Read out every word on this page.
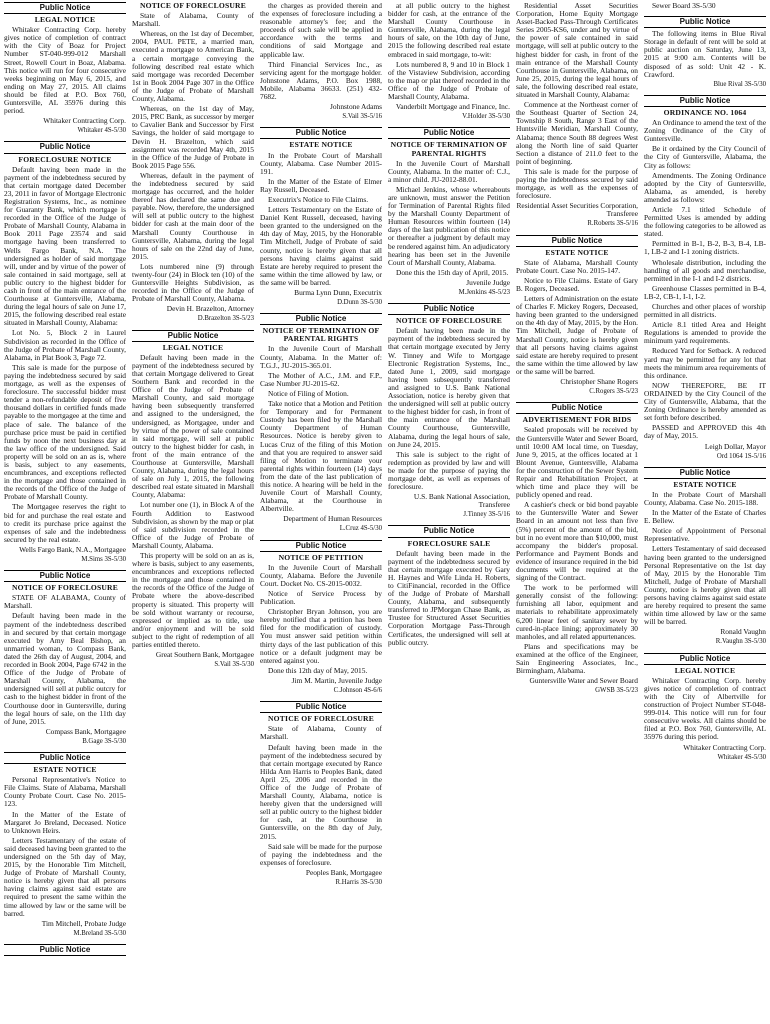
Public Notice
LEGAL NOTICE
Whitaker Contracting Corp. hereby gives notice of completion of contract with the City of Boaz for Project Number ST-040-999-012 Marshall Street, Rowell Court in Boaz, Alabama. This notice will run for four consecutive weeks beginning on May 6, 2015, and ending on May 27, 2015. All claims should be filed at P.O. Box 760, Guntersville, AL 35976 during this period.
Whitaker Contracting Corp.
Whitaker 4S-5/30
Public Notice
FORECLOSURE NOTICE
Default having been made in the payment of the indebtedness secured by that certain mortgage dated December 23, 2011 in favor of Mortgage Electronic Registration Systems, Inc., as nominee for Guaranty Bank, which mortgage is recorded in the Office of the Judge of Probate of Marshall County, Alabama in Book 2011 Page 23574 and said mortgage having been transferred to Wells Fargo Bank, N.A. The undersigned as holder of said mortgage will, under and by virtue of the power of sale contained in said mortgage, sell at public outcry to the highest bidder for cash in front of the main entrance of the Courthouse at Guntersville, Alabama, during the legal hours of sale on June 17, 2015, the following described real estate situated in Marshall County, Alabama:
Lot No. 5, Block 2 in Laurel Subdivision as recorded in the Office of the Judge of Probate of Marshall County, Alabama, in Plat Book 3, Page 72.
This sale is made for the purpose of paying the indebtedness secured by said mortgage, as well as the expenses of foreclosure. The successful bidder must tender a non-refundable deposit of five thousand dollars in certified funds made payable to the mortgagee at the time and place of sale. The balance of the purchase price must be paid in certified funds by noon the next business day at the law office of the undersigned. Said property will be sold on an as is, where is basis, subject to any easements, encumbrances, and exceptions reflected in the mortgage and those contained in the records of the Office of the Judge of Probate of Marshall County.
The Mortgagee reserves the right to bid for and purchase the real estate and to credit its purchase price against the expenses of sale and the indebtedness secured by the real estate.
Wells Fargo Bank, N.A., Mortgagee
M.Sims 3S-5/30
Public Notice
NOTICE OF FORECLOSURE
STATE OF ALABAMA, County of Marshall.
Default having been made in the payment of the indebtedness described in and secured by that certain mortgage executed by Amy Beal Bishop, an unmarried woman, to Compass Bank, dated the 26th day of August, 2004, and recorded in Book 2004, Page 6742 in the Office of the Judge of Probate of Marshall County, Alabama, the undersigned will sell at public outcry for cash to the highest bidder in front of the Courthouse door in Guntersville, during the legal hours of sale, on the 11th day of June, 2015.
Compass Bank, Mortgagee
B.Gage 3S-5/30
Public Notice
ESTATE NOTICE
Personal Representative's Notice to File Claims. State of Alabama, Marshall County Probate Court. Case No. 2015-123.
In the Matter of the Estate of Margaret Jo Breland, Deceased. Notice to Unknown Heirs.
Letters Testamentary of the estate of said deceased having been granted to the undersigned on the 5th day of May, 2015, by the Honorable Tim Mitchell, Judge of Probate of Marshall County, notice is hereby given that all persons having claims against said estate are required to present the same within the time allowed by law or the same will be barred.
Tim Mitchell, Probate Judge
M.Breland 3S-5/30
Public Notice
NOTICE OF FORECLOSURE
State of Alabama, County of Marshall.
Whereas, on the 1st day of December, 2004, PAUL PETE, a married man, executed a mortgage to American Bank, a certain mortgage conveying the following described real estate which said mortgage was recorded December 1st in Book 2004 Page 307 in the Office of the Judge of Probate of Marshall County, Alabama.
Whereas, on the 1st day of May, 2015, PRC Bank, as successor by merger to Cavalier Bank and Successor by First Savings, the holder of said mortgage to Devin H. Brazelton, which said assignment was recorded May 4th, 2015 in the Office of the Judge of Probate in Book 2015 Page 556.
Whereas, default in the payment of the indebtedness secured by said mortgage has occurred, and the holder thereof has declared the same due and payable. Now, therefore, the undersigned will sell at public outcry to the highest bidder for cash at the main door of the Marshall County Courthouse in Guntersville, Alabama, during the legal hours of sale on the 22nd day of June, 2015.
Lots numbered nine (9) through twenty-four (24) in Block ten (10) of the Guntersville Heights Subdivision, as recorded in the Office of the Judge of Probate of Marshall County, Alabama.
Devin H. Brazelton, Attorney
D.Brazelton 3S-5/23
Public Notice
LEGAL NOTICE
Default having been made in the payment of the indebtedness secured by that certain Mortgage delivered to Great Southern Bank and recorded in the Office of the Judge of Probate of Marshall County, and said mortgage having been subsequently transferred and assigned to the undersigned, the undersigned, as Mortgagee, under and by virtue of the power of sale contained in said mortgage, will sell at public outcry to the highest bidder for cash, in front of the main entrance of the Courthouse at Guntersville, Marshall County, Alabama, during the legal hours of sale on July 1, 2015, the following described real estate situated in Marshall County, Alabama:
Lot number one (1), in Block A of the Fourth Addition to Eastwood Subdivision, as shown by the map or plat of said subdivision recorded in the Office of the Judge of Probate of Marshall County, Alabama.
This property will be sold on an as is, where is basis, subject to any easements, encumbrances and exceptions reflected in the mortgage and those contained in the records of the Office of the Judge of Probate where the above-described property is situated. This property will be sold without warranty or recourse, expressed or implied as to title, use and/or enjoyment and will be sold subject to the right of redemption of all parties entitled thereto.
Great Southern Bank, Mortgagee
S.Vail 3S-5/30
the charges as provided therein and the expenses of foreclosure including a reasonable attorney's fee; and the proceeds of such sale will be applied in accordance with the terms and conditions of said Mortgage and applicable law.
Third Financial Services Inc., as servicing agent for the mortgage holder. Johnstone Adams, P.O. Box 1988, Mobile, Alabama 36633. (251) 432-7682.
Johnstone Adams
S.Vail 3S-5/16
Public Notice
ESTATE NOTICE
In the Probate Court of Marshall County, Alabama. Case Number 2015-191.
In the Matter of the Estate of Elmer Ray Russell, Deceased.
Executrix's Notice to File Claims.
Letters Testamentary on the Estate of Daniel Kent Russell, deceased, having been granted to the undersigned on the 4th day of May, 2015, by the Honorable Tim Mitchell, Judge of Probate of said county, notice is hereby given that all persons having claims against said Estate are hereby required to present the same within the time allowed by law, or the same will be barred.
Burma Lynn Dunn, Executrix
D.Dunn 3S-5/30
Public Notice
NOTICE OF TERMINATION OF PARENTAL RIGHTS
In the Juvenile Court of Marshall County, Alabama. In the Matter of: T.G.J., JU-2015-365.01.
The Mother of A.C., J.M. and F.P., Case Number JU-2015-62.
Notice of Filing of Motion.
Take notice that a Motion and Petition for Temporary and for Permanent Custody has been filed by the Marshall County Department of Human Resources. Notice is hereby given to Lucas Cruz of the filing of this Motion and that you are required to answer said filing of Motion to terminate your parental rights within fourteen (14) days from the date of the last publication of this notice. A hearing will be held in the Juvenile Court of Marshall County, Alabama, at the Courthouse in Albertville.
Department of Human Resources
L.Cruz 4S-5/30
Public Notice
NOTICE OF PETITION
In the Juvenile Court of Marshall County, Alabama. Before the Juvenile Court. Docket No. CS-2015-0032.
Notice of Service Process by Publication.
Christopher Bryan Johnson, you are hereby notified that a petition has been filed for the modification of custody. You must answer said petition within thirty days of the last publication of this notice or a default judgment may be entered against you.
Done this 12th day of May, 2015.
Jim M. Martin, Juvenile Judge
C.Johnson 4S-6/6
Public Notice
NOTICE OF FORECLOSURE
State of Alabama, County of Marshall.
Default having been made in the payment of the indebtedness secured by that certain mortgage executed by Rance Hilda Ann Harris to Peoples Bank, dated April 25, 2006 and recorded in the Office of the Judge of Probate of Marshall County, Alabama, notice is hereby given that the undersigned will sell at public outcry to the highest bidder for cash, at the Courthouse in Guntersville, on the 8th day of July, 2015.
Said sale will be made for the purpose of paying the indebtedness and the expenses of foreclosure.
Peoples Bank, Mortgagee
R.Harris 3S-5/30
at all public outcry to the highest bidder for cash, at the entrance of the Marshall County Courthouse in Guntersville, Alabama, during the legal hours of sale, on the 10th day of June, 2015 the following described real estate embraced in said mortgage, to-wit:
Lots numbered 8, 9 and 10 in Block 1 of the Vistaview Subdivision, according to the map or plat thereof recorded in the Office of the Judge of Probate of Marshall County, Alabama.
Vanderbilt Mortgage and Finance, Inc.
V.Holder 3S-5/30
Public Notice
NOTICE OF TERMINATION OF PARENTAL RIGHTS
In the Juvenile Court of Marshall County, Alabama. In the matter of: C.J., a minor child. JU-2012-88.01.
Michael Jenkins, whose whereabouts are unknown, must answer the Petition for Termination of Parental Rights filed by the Marshall County Department of Human Resources within fourteen (14) days of the last publication of this notice or thereafter a judgment by default may be rendered against him. An adjudicatory hearing has been set in the Juvenile Court of Marshall County, Alabama.
Done this the 15th day of April, 2015.
Juvenile Judge
M.Jenkins 4S-5/23
Public Notice
NOTICE OF FORECLOSURE
Default having been made in the payment of the indebtedness secured by that certain mortgage executed by Jerry W. Tinney and Wife to Mortgage Electronic Registration Systems, Inc., dated June 1, 2009, said mortgage having been subsequently transferred and assigned to U.S. Bank National Association, notice is hereby given that the undersigned will sell at public outcry to the highest bidder for cash, in front of the main entrance of the Marshall County Courthouse, Guntersville, Alabama, during the legal hours of sale, on June 24, 2015.
This sale is subject to the right of redemption as provided by law and will be made for the purpose of paying the mortgage debt, as well as expenses of foreclosure.
U.S. Bank National Association, Transferee
J.Tinney 3S-5/16
Public Notice
FORECLOSURE SALE
Default having been made in the payment of the indebtedness secured by that certain mortgage executed by Gary H. Haynes and Wife Linda H. Roberts, to CitiFinancial, recorded in the Office of the Judge of Probate of Marshall County, Alabama, and subsequently transferred to JPMorgan Chase Bank, as Trustee for Structured Asset Securities Corporation Mortgage Pass-Through Certificates, the undersigned will sell at public outcry.
Residential Asset Securities Corporation, Home Equity Mortgage Asset-Backed Pass-Through Certificates Series 2005-KS6, under and by virtue of the power of sale contained in said mortgage, will sell at public outcry to the highest bidder for cash, in front of the main entrance of the Marshall County Courthouse in Guntersville, Alabama, on June 25, 2015, during the legal hours of sale, the following described real estate, situated in Marshall County, Alabama:
Commence at the Northeast corner of the Southeast Quarter of Section 24, Township 8 South, Range 3 East of the Huntsville Meridian, Marshall County, Alabama; thence South 88 degrees West along the North line of said Quarter Section a distance of 211.0 feet to the point of beginning.
This sale is made for the purpose of paying the indebtedness secured by said mortgage, as well as the expenses of foreclosure.
Residential Asset Securities Corporation, Transferee
R.Roberts 3S-5/16
Public Notice
ESTATE NOTICE
State of Alabama, Marshall County Probate Court. Case No. 2015-147.
Notice to File Claims. Estate of Gary B. Rogers, Deceased.
Letters of Administration on the estate of Charles F. Mickey Rogers, Deceased, having been granted to the undersigned on the 4th day of May, 2015, by the Hon. Tim Mitchell, Judge of Probate of Marshall County, notice is hereby given that all persons having claims against said estate are hereby required to present the same within the time allowed by law or the same will be barred.
Christopher Shane Rogers
C.Rogers 3S-5/23
Public Notice
ADVERTISEMENT FOR BIDS
Sealed proposals will be received by the Guntersville Water and Sewer Board, until 10:00 AM local time, on Tuesday, June 9, 2015, at the offices located at 1 Blount Avenue, Guntersville, Alabama for the construction of the Sewer System Repair and Rehabilitation Project, at which time and place they will be publicly opened and read.
A cashier's check or bid bond payable to the Guntersville Water and Sewer Board in an amount not less than five (5%) percent of the amount of the bid, but in no event more than $10,000, must accompany the bidder's proposal. Performance and Payment Bonds and evidence of insurance required in the bid documents will be required at the signing of the Contract.
The work to be performed will generally consist of the following: furnishing all labor, equipment and materials to rehabilitate approximately 6,200 linear feet of sanitary sewer by cured-in-place lining; approximately 30 manholes, and all related appurtenances.
Plans and specifications may be examined at the office of the Engineer, Sain Engineering Associates, Inc., Birmingham, Alabama.
Guntersville Water and Sewer Board
GWSB 3S-5/23
Sewer Board 3S-5/30
Public Notice
The following items in Blue Rival Storage in default of rent will be sold at public auction on Saturday, June 13, 2015 at 9:00 a.m. Contents will be disposed of as sold: Unit 42 - K. Crawford.
Blue Rival 3S-5/30
Public Notice
ORDINANCE NO. 1064
An Ordinance to amend the text of the Zoning Ordinance of the City of Guntersville.
Be it ordained by the City Council of the City of Guntersville, Alabama, the City as follows:
Amendments. The Zoning Ordinance adopted by the City of Guntersville, Alabama, as amended, is hereby amended as follows:
Article 7.1 titled Schedule of Permitted Uses is amended by adding the following categories to be allowed as stated.
Permitted in B-1, B-2, B-3, B-4, LB-1, LB-2 and I-1 zoning districts.
Wholesale distribution, including the handling of all goods and merchandise, permitted in the I-1 and I-2 districts.
Greenhouse Classes permitted in B-4, LB-2, CB-1, I-1, I-2.
Churches and other places of worship permitted in all districts.
Article 8.1 titled Area and Height Regulations is amended to provide the minimum yard requirements.
Reduced Yard for Setback. A reduced yard may be permitted for any lot that meets the minimum area requirements of this ordinance.
NOW THEREFORE, BE IT ORDAINED by the City Council of the City of Guntersville, Alabama, that the Zoning Ordinance is hereby amended as set forth before described.
PASSED and APPROVED this 4th day of May, 2015.
Leigh Dollar, Mayor
Ord 1064 1S-5/16
Public Notice
ESTATE NOTICE
In the Probate Court of Marshall County, Alabama. Case No. 2015-188.
In the Matter of the Estate of Charles E. Bellew.
Notice of Appointment of Personal Representative.
Letters Testamentary of said deceased having been granted to the undersigned Personal Representative on the 1st day of May, 2015 by the Honorable Tim Mitchell, Judge of Probate of Marshall County, notice is hereby given that all persons having claims against said estate are hereby required to present the same within time allowed by law or the same will be barred.
Ronald Vaughn
R.Vaughn 3S-5/30
Public Notice
LEGAL NOTICE
Whitaker Contracting Corp. hereby gives notice of completion of contract with the City of Albertville for construction of Project Number ST-048-999-014. This notice will run for four consecutive weeks. All claims should be filed at P.O. Box 760, Guntersville, AL 35976 during this period.
Whitaker Contracting Corp.
Whitaker 4S-5/30
